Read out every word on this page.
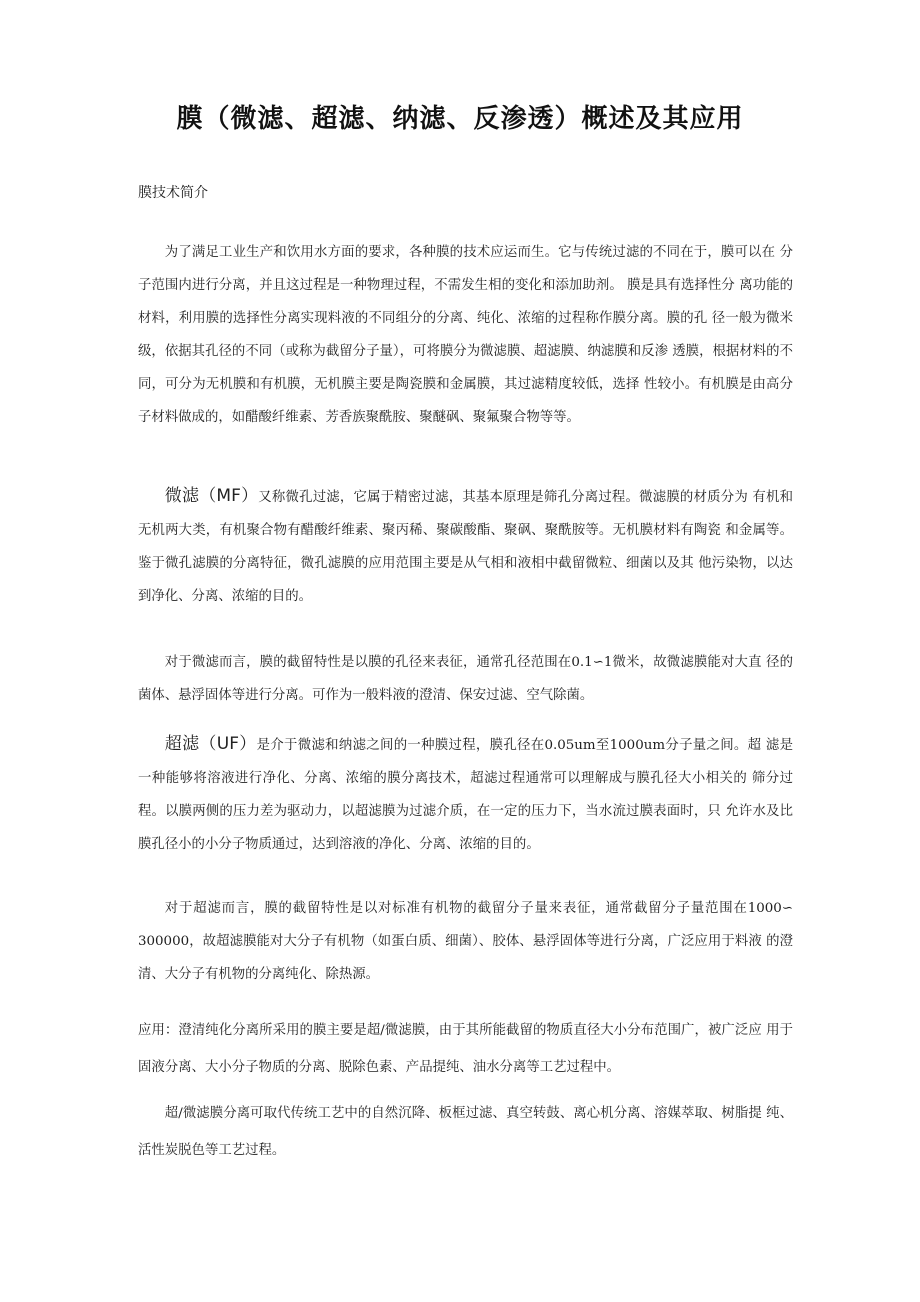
膜（微滤、超滤、纳滤、反渗透）概述及其应用
膜技术简介

为了满足工业生产和饮用水方面的要求，各种膜的技术应运而生。它与传统过滤的不同在于，膜可以在 分子范围内进行分离，并且这过程是一种物理过程，不需发生相的变化和添加助剂。 膜是具有选择性分 离功能的材料，利用膜的选择性分离实现料液的不同组分的分离、纯化、浓缩的过程称作膜分离。膜的孔 径一般为微米级，依据其孔径的不同（或称为截留分子量），可将膜分为微滤膜、超滤膜、纳滤膜和反渗 透膜，根据材料的不同，可分为无机膜和有机膜，无机膜主要是陶瓷膜和金属膜，其过滤精度较低，选择 性较小。有机膜是由高分子材料做成的，如醋酸纤维素、芳香族聚酰胺、聚醚砜、聚氟聚合物等等。

微滤（MF）又称微孔过滤，它属于精密过滤，其基本原理是筛孔分离过程。微滤膜的材质分为 有机和无机两大类，有机聚合物有醋酸纤维素、聚丙稀、聚碳酸酯、聚砜、聚酰胺等。无机膜材料有陶瓷 和金属等。鉴于微孔滤膜的分离特征，微孔滤膜的应用范围主要是从气相和液相中截留微粒、细菌以及其 他污染物，以达到净化、分离、浓缩的目的。

对于微滤而言，膜的截留特性是以膜的孔径来表征，通常孔径范围在0.1∽1微米，故微滤膜能对大直 径的菌体、悬浮固体等进行分离。可作为一般料液的澄清、保安过滤、空气除菌。

超滤（UF）是介于微滤和纳滤之间的一种膜过程，膜孔径在0.05um至1000um分子量之间。超 滤是一种能够将溶液进行净化、分离、浓缩的膜分离技术，超滤过程通常可以理解成与膜孔径大小相关的 筛分过程。以膜两侧的压力差为驱动力，以超滤膜为过滤介质，在一定的压力下，当水流过膜表面时，只 允许水及比膜孔径小的小分子物质通过，达到溶液的净化、分离、浓缩的目的。

对于超滤而言，膜的截留特性是以对标准有机物的截留分子量来表征，通常截留分子量范围在1000∽ 300000，故超滤膜能对大分子有机物（如蛋白质、细菌）、胶体、悬浮固体等进行分离，广泛应用于料液 的澄清、大分子有机物的分离纯化、除热源。

应用：澄清纯化分离所采用的膜主要是超/微滤膜，由于其所能截留的物质直径大小分布范围广，被广泛应 用于固液分离、大小分子物质的分离、脱除色素、产品提纯、油水分离等工艺过程中。

超/微滤膜分离可取代传统工艺中的自然沉降、板框过滤、真空转鼓、离心机分离、溶媒萃取、树脂提 纯、活性炭脱色等工艺过程。
